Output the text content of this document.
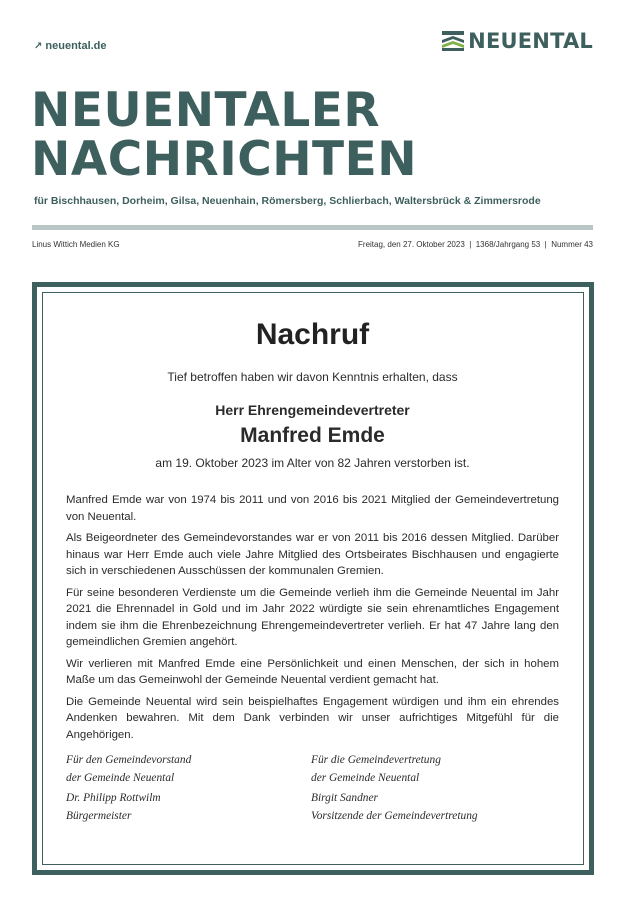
↗ neuental.de	NEUENTAL
NEUENTALER
NACHRICHTEN
für Bischhausen, Dorheim, Gilsa, Neuenhain, Römersberg, Schlierbach, Waltersbrück & Zimmersrode
Linus Wittich Medien KG	Freitag, den 27. Oktober 2023  |  1368/Jahrgang 53  |  Nummer 43
Nachruf
Tief betroffen haben wir davon Kenntnis erhalten, dass
Herr Ehrengemeindevertreter
Manfred Emde
am 19. Oktober 2023 im Alter von 82 Jahren verstorben ist.

Manfred Emde war von 1974 bis 2011 und von 2016 bis 2021 Mitglied der Gemeindevertretung von Neuental.

Als Beigeordneter des Gemeindevorstandes war er von 2011 bis 2016 dessen Mitglied. Darüber hinaus war Herr Emde auch viele Jahre Mitglied des Ortsbeirates Bischhausen und engagierte sich in verschiedenen Ausschüssen der kommunalen Gremien.

Für seine besonderen Verdienste um die Gemeinde verlieh ihm die Gemeinde Neuental im Jahr 2021 die Ehrennadel in Gold und im Jahr 2022 würdigte sie sein ehrenamtliches Engagement indem sie ihm die Ehrenbezeichnung Ehrengemeindevertreter verlieh. Er hat 47 Jahre lang den gemeindlichen Gremien angehört.

Wir verlieren mit Manfred Emde eine Persönlichkeit und einen Menschen, der sich in hohem Maße um das Gemeinwohl der Gemeinde Neuental verdient gemacht hat.

Die Gemeinde Neuental wird sein beispielhaftes Engagement würdigen und ihm ein ehrendes Andenken bewahren. Mit dem Dank verbinden wir unser aufrichtiges Mitgefühl für die Angehörigen.

Für den Gemeindevorstand
der Gemeinde Neuental
Dr. Philipp Rottwilm
Bürgermeister
Für die Gemeindevertretung
der Gemeinde Neuental
Birgit Sandner
Vorsitzende der Gemeindevertretung
